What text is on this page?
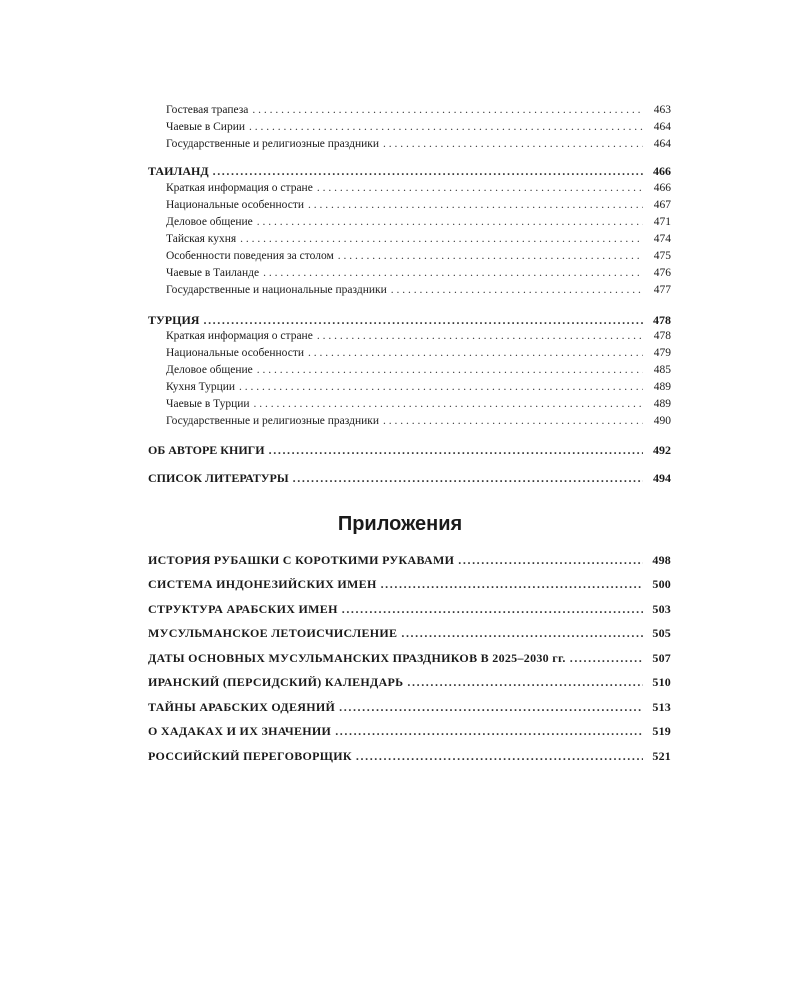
Гостевая трапеза . . .	463
Чаевые в Сирии . . .	464
Государственные и религиозные праздники . . .	464
ТАИЛАНД .....	466
Краткая информация о стране . . .	466
Национальные особенности . . .	467
Деловое общение . . .	471
Тайская кухня . . .	474
Особенности поведения за столом . . .	475
Чаевые в Таиланде . . .	476
Государственные и национальные праздники . . .	477
ТУРЦИЯ .....	478
Краткая информация о стране . . .	478
Национальные особенности . . .	479
Деловое общение . . .	485
Кухня Турции . . .	489
Чаевые в Турции . . .	489
Государственные и религиозные праздники . . .	490
ОБ АВТОРЕ КНИГИ .....	492
СПИСОК ЛИТЕРАТУРЫ .....	494
Приложения
ИСТОРИЯ РУБАШКИ С КОРОТКИМИ РУКАВАМИ .....	498
СИСТЕМА ИНДОНЕЗИЙСКИХ ИМЕН .....	500
СТРУКТУРА АРАБСКИХ ИМЕН .....	503
МУСУЛЬМАНСКОЕ ЛЕТОИСЧИСЛЕНИЕ .....	505
ДАТЫ ОСНОВНЫХ МУСУЛЬМАНСКИХ ПРАЗДНИКОВ В 2025–2030 гг. .....	507
ИРАНСКИЙ (ПЕРСИДСКИЙ) КАЛЕНДАРЬ .....	510
ТАЙНЫ АРАБСКИХ ОДЕЯНИЙ .....	513
О ХАДАКАХ И ИХ ЗНАЧЕНИИ .....	519
РОССИЙСКИЙ ПЕРЕГОВОРЩИК .....	521
